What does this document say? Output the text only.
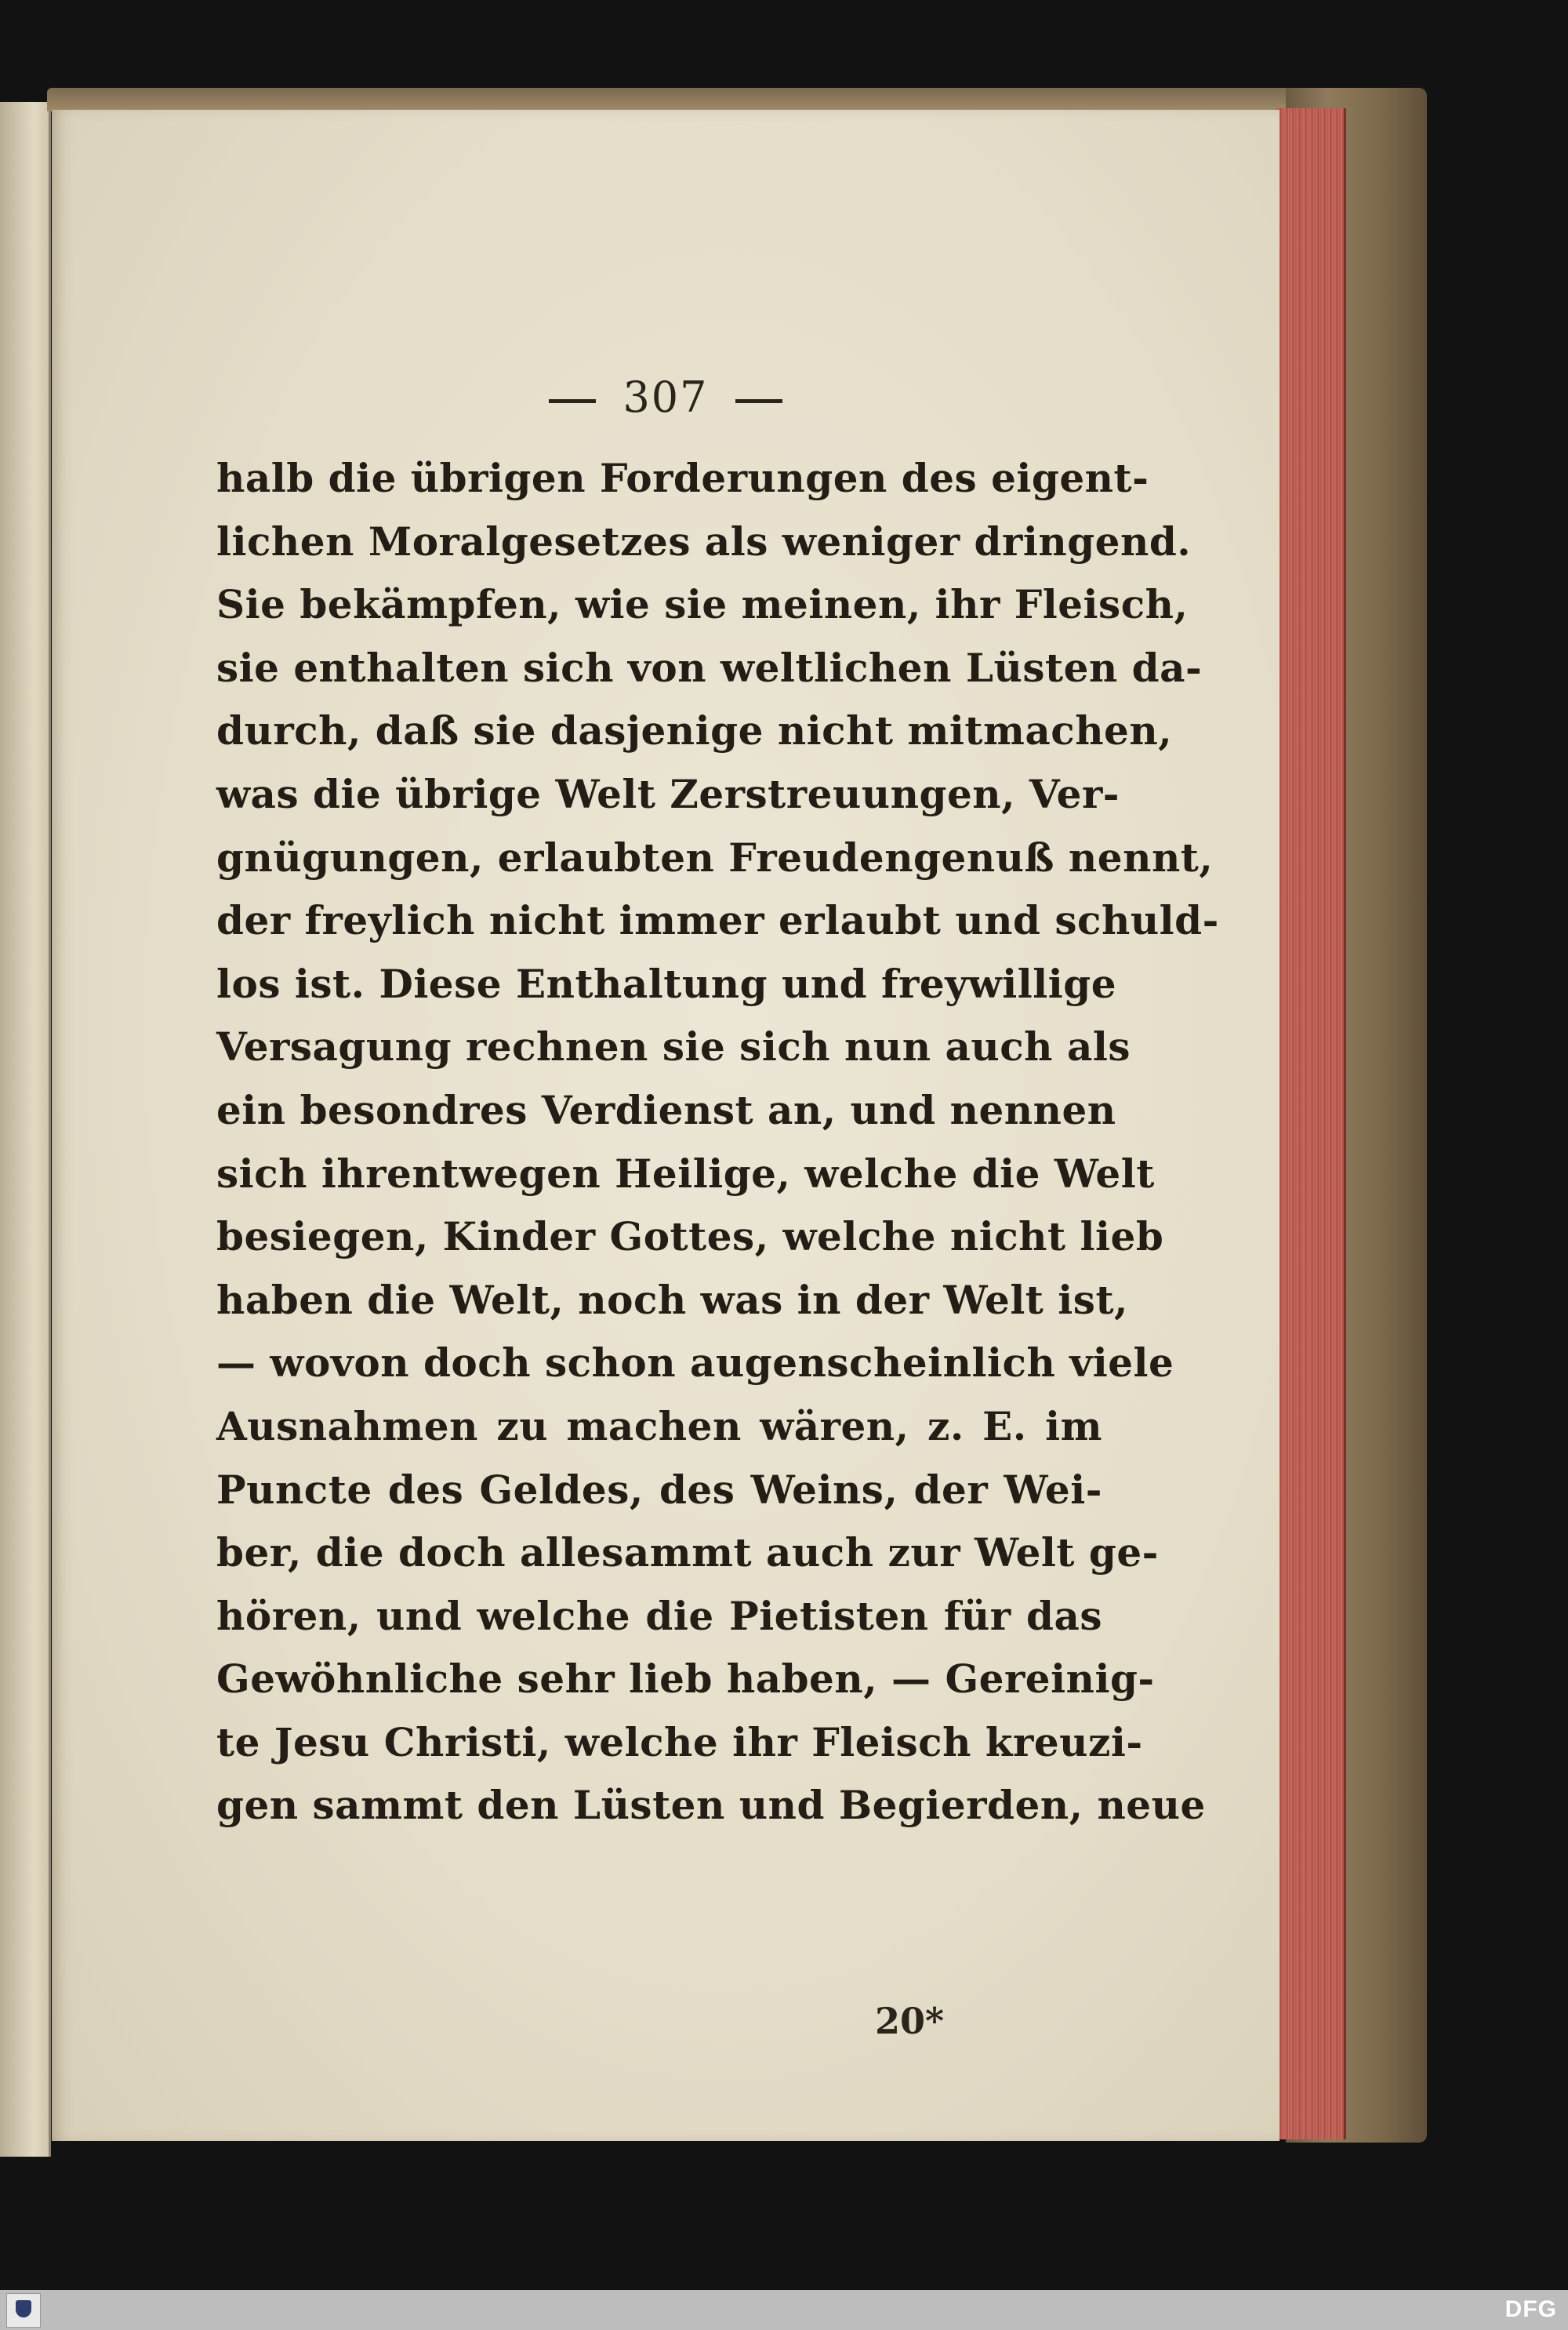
307
halb die übrigen Forderungen des eigent-
lichen Moralgesetzes als weniger dringend.
Sie bekämpfen, wie sie meinen, ihr Fleisch,
sie enthalten sich von weltlichen Lüsten da-
durch, daß sie dasjenige nicht mitmachen,
was die übrige Welt Zerstreuungen, Ver-
gnügungen, erlaubten Freudengenuß nennt,
der freylich nicht immer erlaubt und schuld-
los ist. Diese Enthaltung und freywillige
Versagung rechnen sie sich nun auch als
ein besondres Verdienst an, und nennen
sich ihrentwegen Heilige, welche die Welt
besiegen, Kinder Gottes, welche nicht lieb
haben die Welt, noch was in der Welt ist,
— wovon doch schon augenscheinlich viele
Ausnahmen zu machen wären, z. E. im
Puncte des Geldes, des Weins, der Wei-
ber, die doch allesammt auch zur Welt ge-
hören, und welche die Pietisten für das
Gewöhnliche sehr lieb haben, — Gereinig-
te Jesu Christi, welche ihr Fleisch kreuzi-
gen sammt den Lüsten und Begierden, neue
20*
DFG
